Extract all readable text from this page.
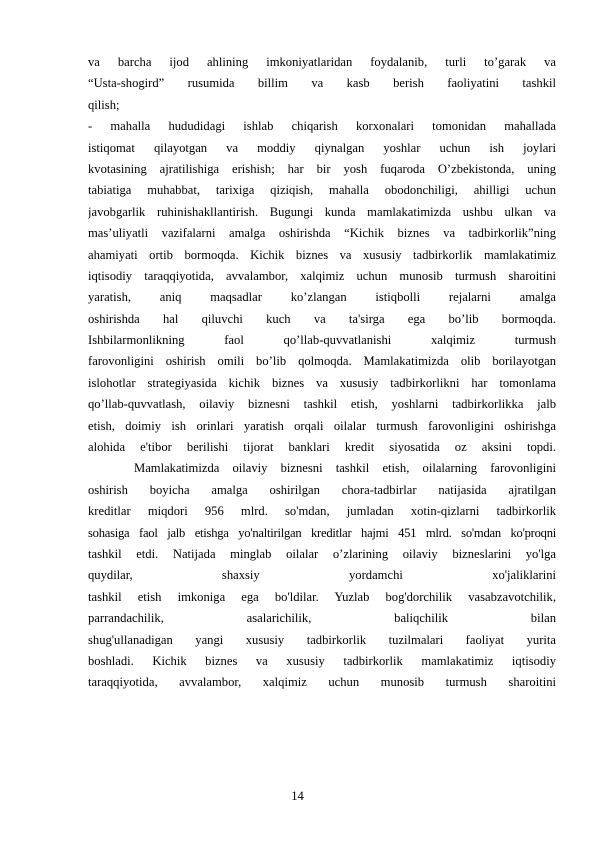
va barcha ijod ahlining imkoniyatlaridan foydalanib, turli to’garak va
“Usta-shogird” rusumida billim va kasb berish faoliyatini tashkil
qilish;
- mahalla hududidagi ishlab chiqarish korxonalari tomonidan mahallada
istiqomat qilayotgan va moddiy qiynalgan yoshlar uchun ish joylari
kvotasining ajratilishiga erishish; har bir yosh fuqaroda O’zbekistonda, uning
tabiatiga muhabbat, tarixiga qiziqish, mahalla obodonchiligi, ahilligi uchun
javobgarlik ruhinishakllantirish. Bugungi kunda mamlakatimizda ushbu ulkan va
mas’uliyatli vazifalarni amalga oshirishda “Kichik biznes va tadbirkorlik”ning
ahamiyati ortib bormoqda. Kichik biznes va xususiy tadbirkorlik mamlakatimiz
iqtisodiy taraqqiyotida, avvalambor, xalqimiz uchun munosib turmush sharoitini
yaratish, aniq maqsadlar ko’zlangan istiqbolli rejalarni amalga
oshirishda hal qiluvchi kuch va ta'sirga ega bo’lib bormoqda.
Ishbilarmonlikning faol qo’llab-quvvatlanishi xalqimiz turmush
farovonligini oshirish omili bo’lib qolmoqda. Mamlakatimizda olib borilayotgan
islohotlar strategiyasida kichik biznes va xususiy tadbirkorlikni har tomonlama
qo’llab-quvvatlash, oilaviy biznesni tashkil etish, yoshlarni tadbirkorlikka jalb
etish, doimiy ish orinlari yaratish orqali oilalar turmush farovonligini oshirishga
alohida e'tibor berilishi tijorat banklari kredit siyosatida oz aksini topdi.
Mamlakatimizda oilaviy biznesni tashkil etish, oilalarning farovonligini
oshirish boyicha amalga oshirilgan chora-tadbirlar natijasida ajratilgan
kreditlar miqdori 956 mlrd. so'mdan, jumladan xotin-qizlarni tadbirkorlik
sohasiga faol jalb etishga yo'naltirilgan kreditlar hajmi 451 mlrd. so'mdan ko'proqni
tashkil etdi. Natijada minglab oilalar o’zlarining oilaviy bizneslarini yo'lga
quydilar, shaxsiy yordamchi xo'jaliklarini
tashkil etish imkoniga ega bo'ldilar. Yuzlab bog'dorchilik vasabzavotchilik,
parrandachilik, asalarichilik, baliqchilik bilan
shug'ullanadigan yangi xususiy tadbirkorlik tuzilmalari faoliyat yurita
boshladi. Kichik biznes va xususiy tadbirkorlik mamlakatimiz iqtisodiy
taraqqiyotida, avvalambor, xalqimiz uchun munosib turmush sharoitini
14
